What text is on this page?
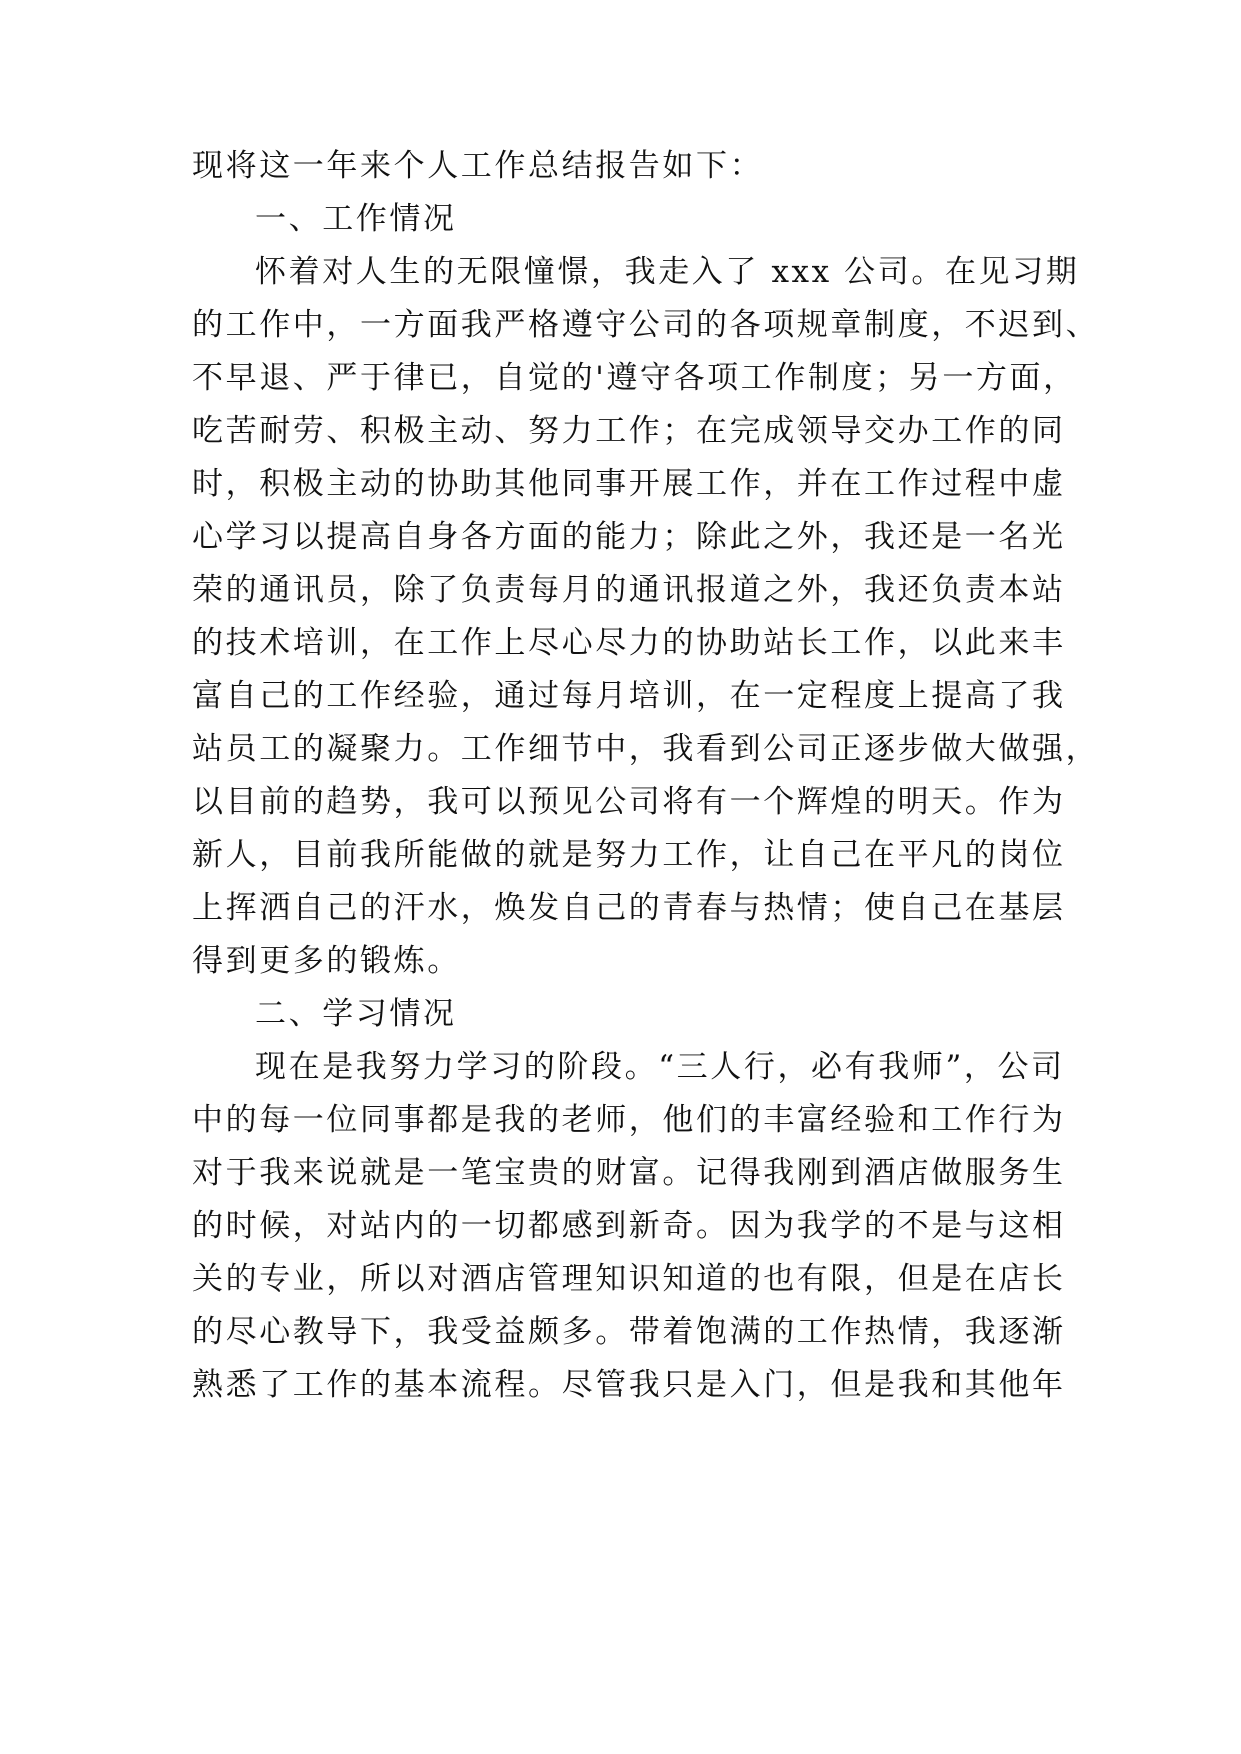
现将这一年来个人工作总结报告如下：
一、工作情况
怀着对人生的无限憧憬，我走入了 xxx 公司。在见习期
的工作中，一方面我严格遵守公司的各项规章制度，不迟到、
不早退、严于律已，自觉的'遵守各项工作制度；另一方面，
吃苦耐劳、积极主动、努力工作；在完成领导交办工作的同
时，积极主动的协助其他同事开展工作，并在工作过程中虚
心学习以提高自身各方面的能力；除此之外，我还是一名光
荣的通讯员，除了负责每月的通讯报道之外，我还负责本站
的技术培训，在工作上尽心尽力的协助站长工作，以此来丰
富自己的工作经验，通过每月培训，在一定程度上提高了我
站员工的凝聚力。工作细节中，我看到公司正逐步做大做强，
以目前的趋势，我可以预见公司将有一个辉煌的明天。作为
新人，目前我所能做的就是努力工作，让自己在平凡的岗位
上挥洒自己的汗水，焕发自己的青春与热情；使自己在基层
得到更多的锻炼。
二、学习情况
现在是我努力学习的阶段。“三人行，必有我师”，公司
中的每一位同事都是我的老师，他们的丰富经验和工作行为
对于我来说就是一笔宝贵的财富。记得我刚到酒店做服务生
的时候，对站内的一切都感到新奇。因为我学的不是与这相
关的专业，所以对酒店管理知识知道的也有限，但是在店长
的尽心教导下，我受益颇多。带着饱满的工作热情，我逐渐
熟悉了工作的基本流程。尽管我只是入门，但是我和其他年
